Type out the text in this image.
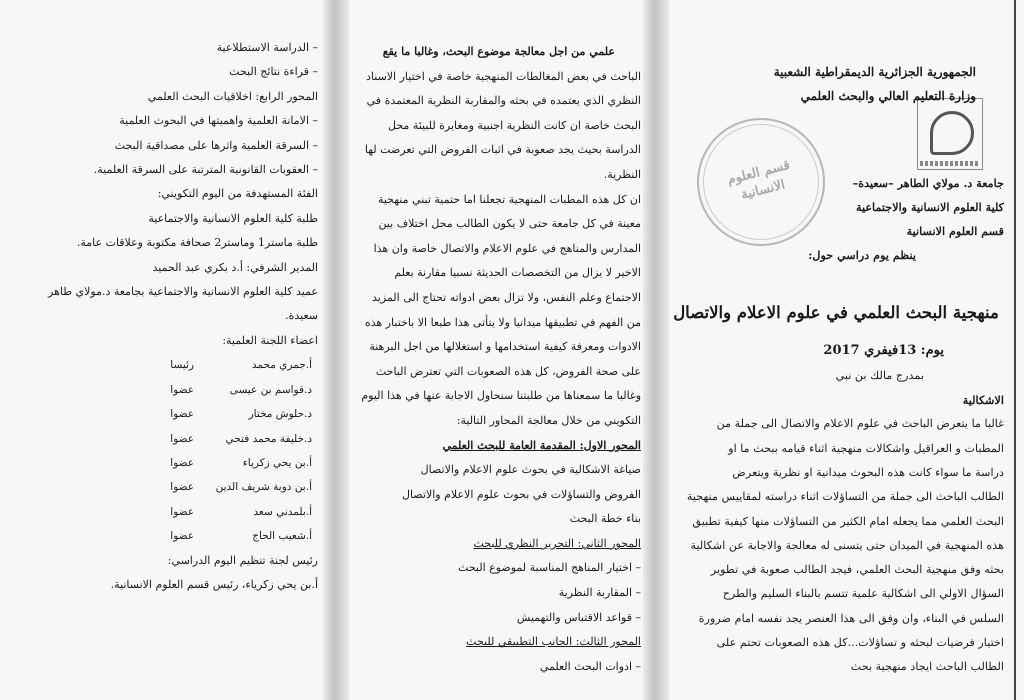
قسم العلوم الانسانية
– الدراسة الاستطلاعية
– قراءة نتائج البحث
المحور الرابع: اخلاقيات البحث العلمي
– الامانة العلمية واهميتها في البحوث العلمية
– السرقة العلمية واثرها على مصداقية البحث
– العقوبات القانونية المترتبة على السرقة العلمية.
الفئة المستهدفة من اليوم التكويني:
طلبة كلية العلوم الانسانية والاجتماعية
طلبة ماستر1 وماستر2 صحافة مكتوبة وعلاقات عامة.
المدير الشرفي: أ.د بكري عبد الحميد
عميد كلية العلوم الانسانية والاجتماعية بجامعة د.مولاي طاهر
سعيدة.
اعضاء اللجنة العلمية:
أ.جمري محمد
رئيسا
د.قواسم بن عيسى
عضوا
د.حلوش مختار
عضوا
د.خليفة محمد فتحي
عضوا
أ.بن يحي زكرياء
عضوا
أ.بن دوبة شريف الدين
عضوا
أ.بلمدني سعد
عضوا
أ.شعيب الحاج
عضوا
رئيس لجنة تنظيم اليوم الدراسي:
أ.بن يحي زكرياء، رئيس قسم العلوم الانسانية.
علمي من اجل معالجة موضوع البحث، وغالبا ما يقع
الباحث في بعض المغالطات المنهجية خاصة في اختيار الاسناد
النظري الذي يعتمده في بحثه والمقاربة النظرية المعتمدة في
البحث خاصة ان كانت النظرية اجنبية ومغايرة للبيئة محل
الدراسة بحيث يجد صعوبة في اثبات الفروض التي تعرضت لها
النظرية.
ان كل هذه المطبات المنهجية تجعلنا اما حتمية تبني منهجية
معينة في كل جامعة حتى لا يكون الطالب محل اختلاف بين
المدارس والمناهج في علوم الاعلام والاتصال خاصة وان هذا
الاخير لا يزال من التخصصات الحديثة نسبيا مقارنة بعلم
الاجتماع وعلم النفس، ولا تزال بعض ادواته تحتاج الى المزيد
من الفهم في تطبيقها ميدانيا ولا يتأتى هذا طبعا الا باختبار هذه
الادوات ومعرفة كيفية استخدامها و استغلالها من اجل البرهنة
على صحة الفروض، كل هذه الصعوبات التي تعترض الباحث
وغالبا ما سمعناها من طلبتنا سنحاول الاجابة عنها في هذا اليوم
التكويني من خلال معالجة المحاور التالية:
المحور الاول: المقدمة العامة للبحث العلمي
صياغة الاشكالية في بحوث علوم الاعلام والاتصال
الفروض والتساؤلات في بحوث علوم الاعلام والاتصال
بناء خطة البحث
المحور الثاني: التحرير النظري للبحث
– اختيار المناهج المناسبة لموضوع البحث
– المقاربة النظرية
– قواعد الاقتباس والتهميش
المحور الثالث: الجانب التطبيقي للبحث
– ادوات البحث العلمي
الجمهورية الجزائرية الديمقراطية الشعبية
وزارة التعليم العالي والبحث العلمي
جامعة د. مولاي الطاهر –سعيدة–
كلية العلوم الانسانية والاجتماعية
قسم العلوم الانسانية
ينظم يوم دراسي حول:
منهجية البحث العلمي في علوم الاعلام والاتصال
يوم: 13فيفري 2017
بمدرج مالك بن نبي
الاشكالية
غالبا ما يتعرض الباحث في علوم الاعلام والاتصال الى جملة من
المطبات و العراقيل واشكالات منهجية اثناء قيامه ببحث ما او
دراسة ما سواء كانت هذه البحوث ميدانية او نظرية ويتعرض
الطالب الباحث الى جملة من التساؤلات اثناء دراسته لمقاييس منهجية
البحث العلمي مما يجعله امام الكثير من التساؤلات منها كيفية تطبيق
هذه المنهجية في الميدان حتى يتسنى له معالجة والاجابة عن اشكالية
بحثه وفق منهجية البحث العلمي، فيجد الطالب صعوبة في تطوير
السؤال الاولي الى اشكالية علمية تتسم بالبناء السليم والطرح
السلس في البناء، وان وفق الى هذا العنصر يجد نفسه امام ضرورة
اختيار فرضيات لبحثه و تساؤلات...كل هذه الصعوبات تحتم على
الطالب الباحث ايجاد منهجية بحث
